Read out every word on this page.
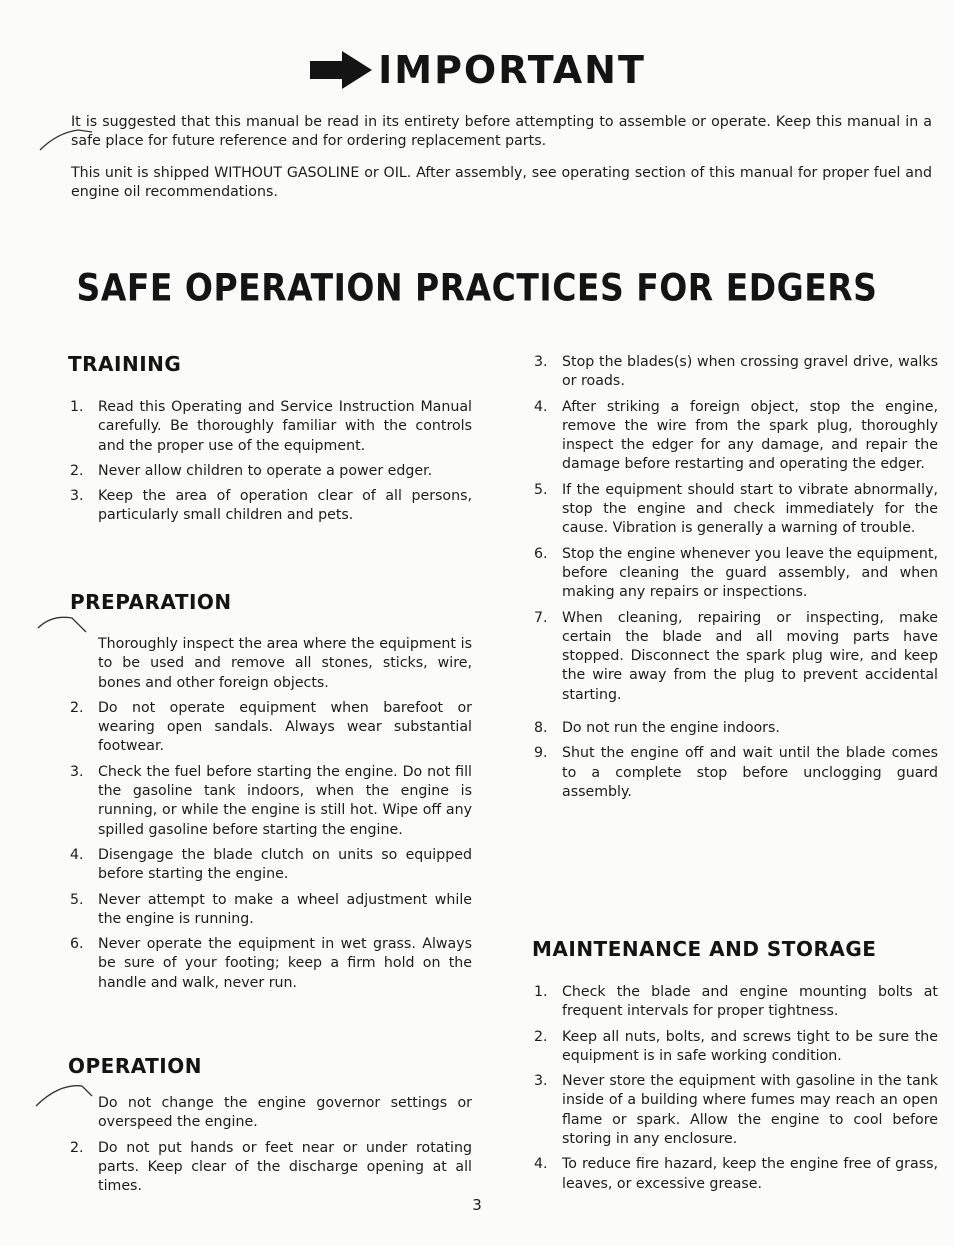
IMPORTANT

It is suggested that this manual be read in its entirety before attempting to assemble or operate. Keep this manual in a safe place for future reference and for ordering replacement parts.

This unit is shipped WITHOUT GASOLINE or OIL. After assembly, see operating section of this manual for proper fuel and engine oil recommendations.

SAFE OPERATION PRACTICES FOR EDGERS
TRAINING
1. Read this Operating and Service Instruction Manual carefully. Be thoroughly familiar with the controls and the proper use of the equipment.
2. Never allow children to operate a power edger.
3. Keep the area of operation clear of all persons, particularly small children and pets.
PREPARATION
Thoroughly inspect the area where the equipment is to be used and remove all stones, sticks, wire, bones and other foreign objects.
2. Do not operate equipment when barefoot or wearing open sandals. Always wear substantial footwear.
3. Check the fuel before starting the engine. Do not fill the gasoline tank indoors, when the engine is running, or while the engine is still hot. Wipe off any spilled gasoline before starting the engine.
4. Disengage the blade clutch on units so equipped before starting the engine.
5. Never attempt to make a wheel adjustment while the engine is running.
6. Never operate the equipment in wet grass. Always be sure of your footing; keep a firm hold on the handle and walk, never run.
OPERATION
Do not change the engine governor settings or overspeed the engine.
2. Do not put hands or feet near or under rotating parts. Keep clear of the discharge opening at all times.
3. Stop the blades(s) when crossing gravel drive, walks or roads.
4. After striking a foreign object, stop the engine, remove the wire from the spark plug, thoroughly inspect the edger for any damage, and repair the damage before restarting and operating the edger.
5. If the equipment should start to vibrate abnormally, stop the engine and check immediately for the cause. Vibration is generally a warning of trouble.
6. Stop the engine whenever you leave the equipment, before cleaning the guard assembly, and when making any repairs or inspections.
7. When cleaning, repairing or inspecting, make certain the blade and all moving parts have stopped. Disconnect the spark plug wire, and keep the wire away from the plug to prevent accidental starting.
8. Do not run the engine indoors.
9. Shut the engine off and wait until the blade comes to a complete stop before unclogging guard assembly.
MAINTENANCE AND STORAGE
1. Check the blade and engine mounting bolts at frequent intervals for proper tightness.
2. Keep all nuts, bolts, and screws tight to be sure the equipment is in safe working condition.
3. Never store the equipment with gasoline in the tank inside of a building where fumes may reach an open flame or spark. Allow the engine to cool before storing in any enclosure.
4. To reduce fire hazard, keep the engine free of grass, leaves, or excessive grease.
3
